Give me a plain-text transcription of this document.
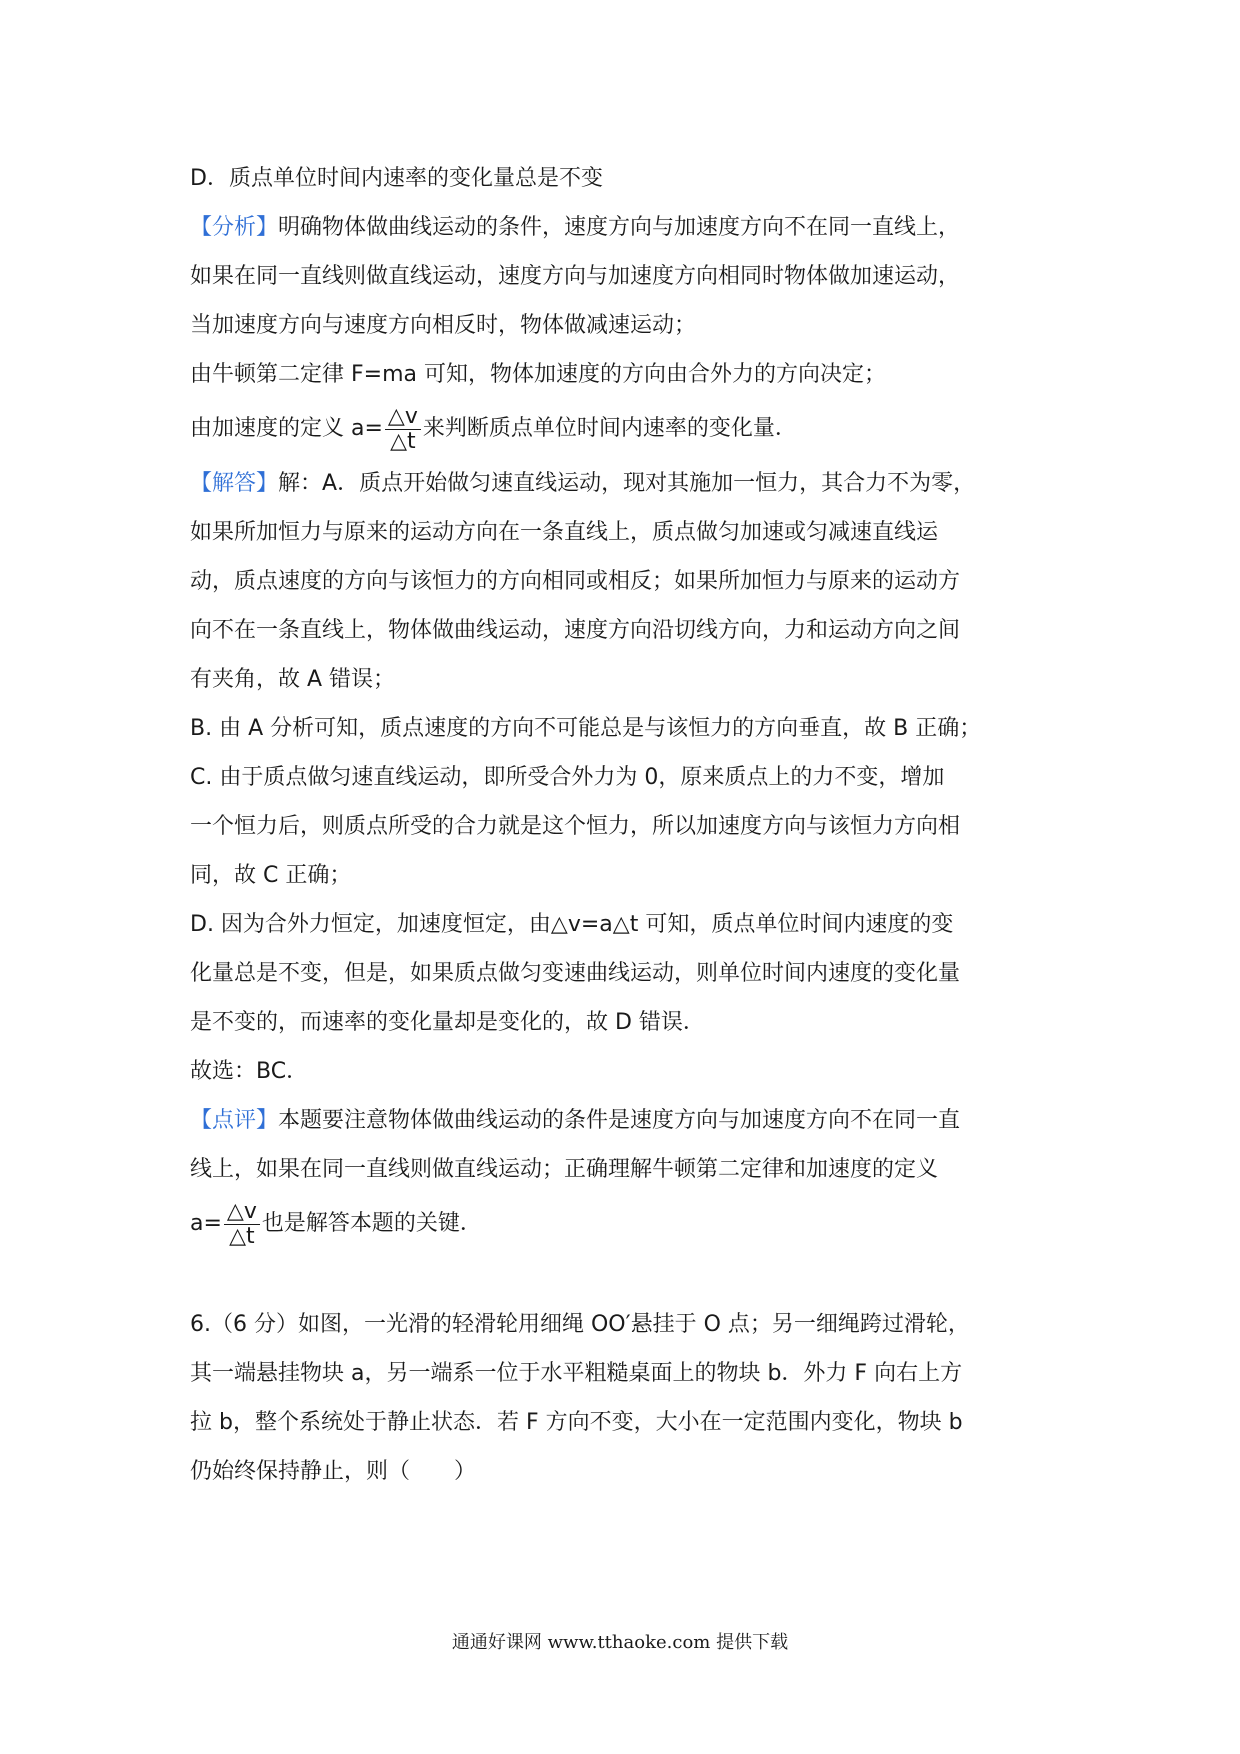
D．质点单位时间内速率的变化量总是不变
【分析】明确物体做曲线运动的条件，速度方向与加速度方向不在同一直线上，
如果在同一直线则做直线运动，速度方向与加速度方向相同时物体做加速运动，
当加速度方向与速度方向相反时，物体做减速运动；
由牛顿第二定律 F=ma 可知，物体加速度的方向由合外力的方向决定；
由加速度的定义 $a= \frac{\triangle v}{\triangle t}$ 来判断质点单位时间内速率的变化量．
【解答】解：A．质点开始做匀速直线运动，现对其施加一恒力，其合力不为零，
如果所加恒力与原来的运动方向在一条直线上，质点做匀加速或匀减速直线运
动，质点速度的方向与该恒力的方向相同或相反；如果所加恒力与原来的运动方
向不在一条直线上，物体做曲线运动，速度方向沿切线方向，力和运动方向之间
有夹角，故 A 错误；
B. 由 A 分析可知，质点速度的方向不可能总是与该恒力的方向垂直，故 B 正确；
C. 由于质点做匀速直线运动，即所受合外力为 0，原来质点上的力不变，增加
一个恒力后，则质点所受的合力就是这个恒力，所以加速度方向与该恒力方向相
同，故 C 正确；
D. 因为合外力恒定，加速度恒定，由△v=a△t 可知，质点单位时间内速度的变
化量总是不变，但是，如果质点做匀变速曲线运动，则单位时间内速度的变化量
是不变的，而速率的变化量却是变化的，故 D 错误．
故选：BC．
【点评】本题要注意物体做曲线运动的条件是速度方向与加速度方向不在同一直
线上，如果在同一直线则做直线运动；正确理解牛顿第二定律和加速度的定义
$a= \frac{\triangle v}{\triangle t}$ 也是解答本题的关键．
6.（6 分）如图，一光滑的轻滑轮用细绳 OO′悬挂于 O 点；另一细绳跨过滑轮，
其一端悬挂物块 a，另一端系一位于水平粗糙桌面上的物块 b．外力 F 向右上方
拉 b，整个系统处于静止状态．若 F 方向不变，大小在一定范围内变化，物块 b
仍始终保持静止，则（　　）
通通好课网 www.tthaoke.com 提供下载
